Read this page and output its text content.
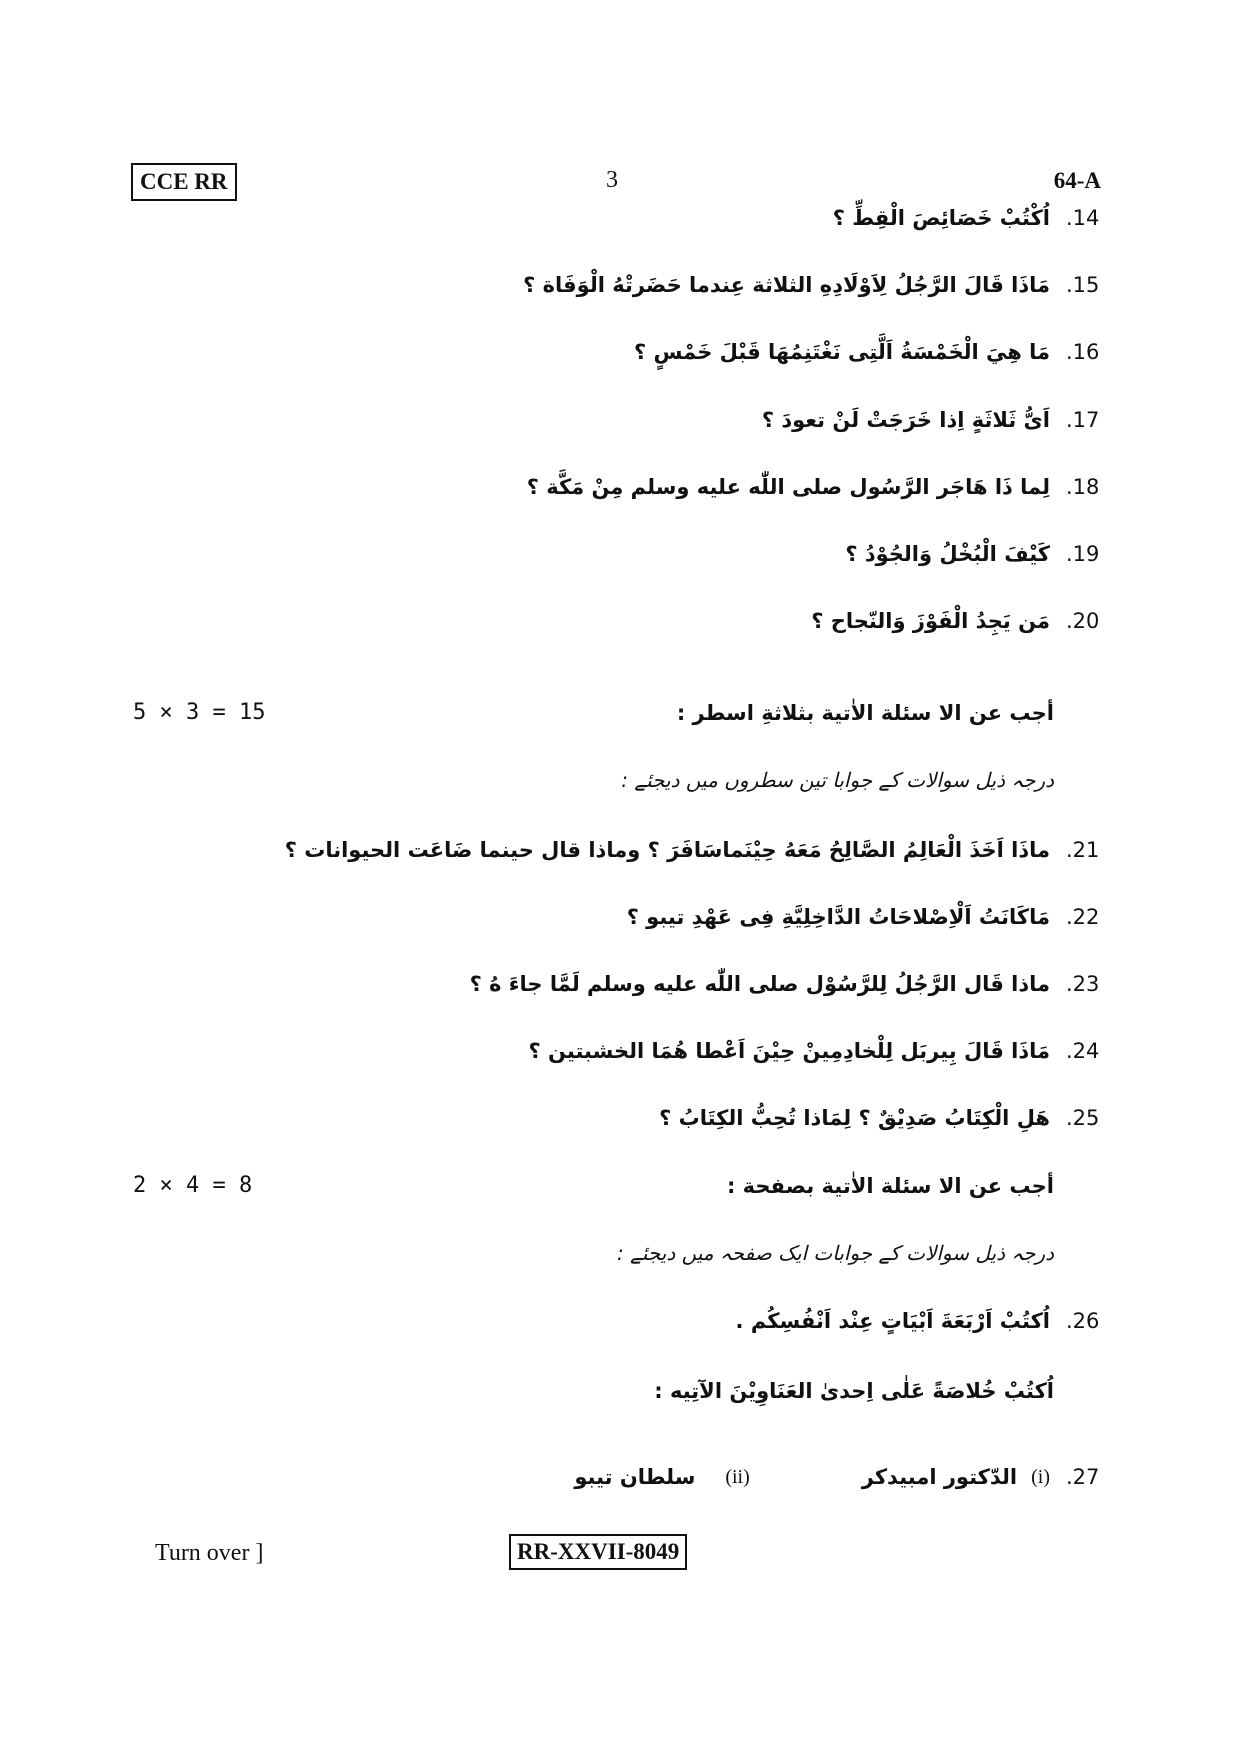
CCE RR	3	64-A
.14
اُكْتُبْ خَصَائِصَ الْقِطِّ ؟
.15
مَاذَا قَالَ الرَّجُلُ لِاَوْلَادِهِ الثلاثة عِندما حَضَرتْهُ الْوَفَاة ؟
.16
مَا هِيَ الْخَمْسَةُ اَلَّتِى نَغْتَنِمُهَا قَبْلَ خَمْسٍ ؟
.17
اَىُّ ثَلاثَةٍ اِذا خَرَجَتْ لَنْ تعودَ ؟
.18
لِما ذَا هَاجَر الرَّسُول صلى اللّٰه عليه وسلم مِنْ مَكَّة ؟
.19
كَيْفَ الْبُخْلُ وَالجُوْدُ ؟
.20
مَن يَجِدُ الْفَوْزَ وَالنّجاح ؟
5 × 3 = 15	أجب عن الا سئلة الاٰتية بثلاثةِ اسطر :
درجہ ذیل سوالات کے جوابا تین سطروں میں دیجئے :
.21
ماذَا اَخَذَ الْعَالِمُ الصَّالِحُ مَعَهُ حِيْنَماسَافَرَ ؟ وماذا قال حينما ضَاعَت الحيوانات ؟
.22
مَاكَانَتُ اَلْاِصْلاحَاتُ الدَّاخِلِيَّةِ فِى عَهْدِ تيبو ؟
.23
ماذا قَال الرَّجُلُ لِلرَّسُوْل صلى اللّٰه عليه وسلم لَمَّا جاءَ هُ ؟
.24
مَاذَا قَالَ بِيربَل لِلْخادِمِينْ حِيْنَ اَعْطا هُمَا الخشبتين ؟
.25
هَلِ الْكِتَابُ صَدِيْقٌ ؟ لِمَاذا تُحِبُّ الكِتَابُ ؟
2 × 4 = 8	أجب عن الا سئلة الاٰتية بصفحة :
درجہ ذیل سوالات کے جوابات ایک صفحہ میں دیجئے :
.26
اُكتُبْ اَرْبَعَةَ اَبْيَاتٍ عِنْد اَنْفُسِكُم .
اُكتُبْ خُلاصَةً عَلٰى اِحدىٰ العَنَاوِيْنَ الآتِيه :
.27
(i)
الدّكتور امبيدكر
(ii)
سلطان تيبو
Turn over ]	RR-XXVII-8049
